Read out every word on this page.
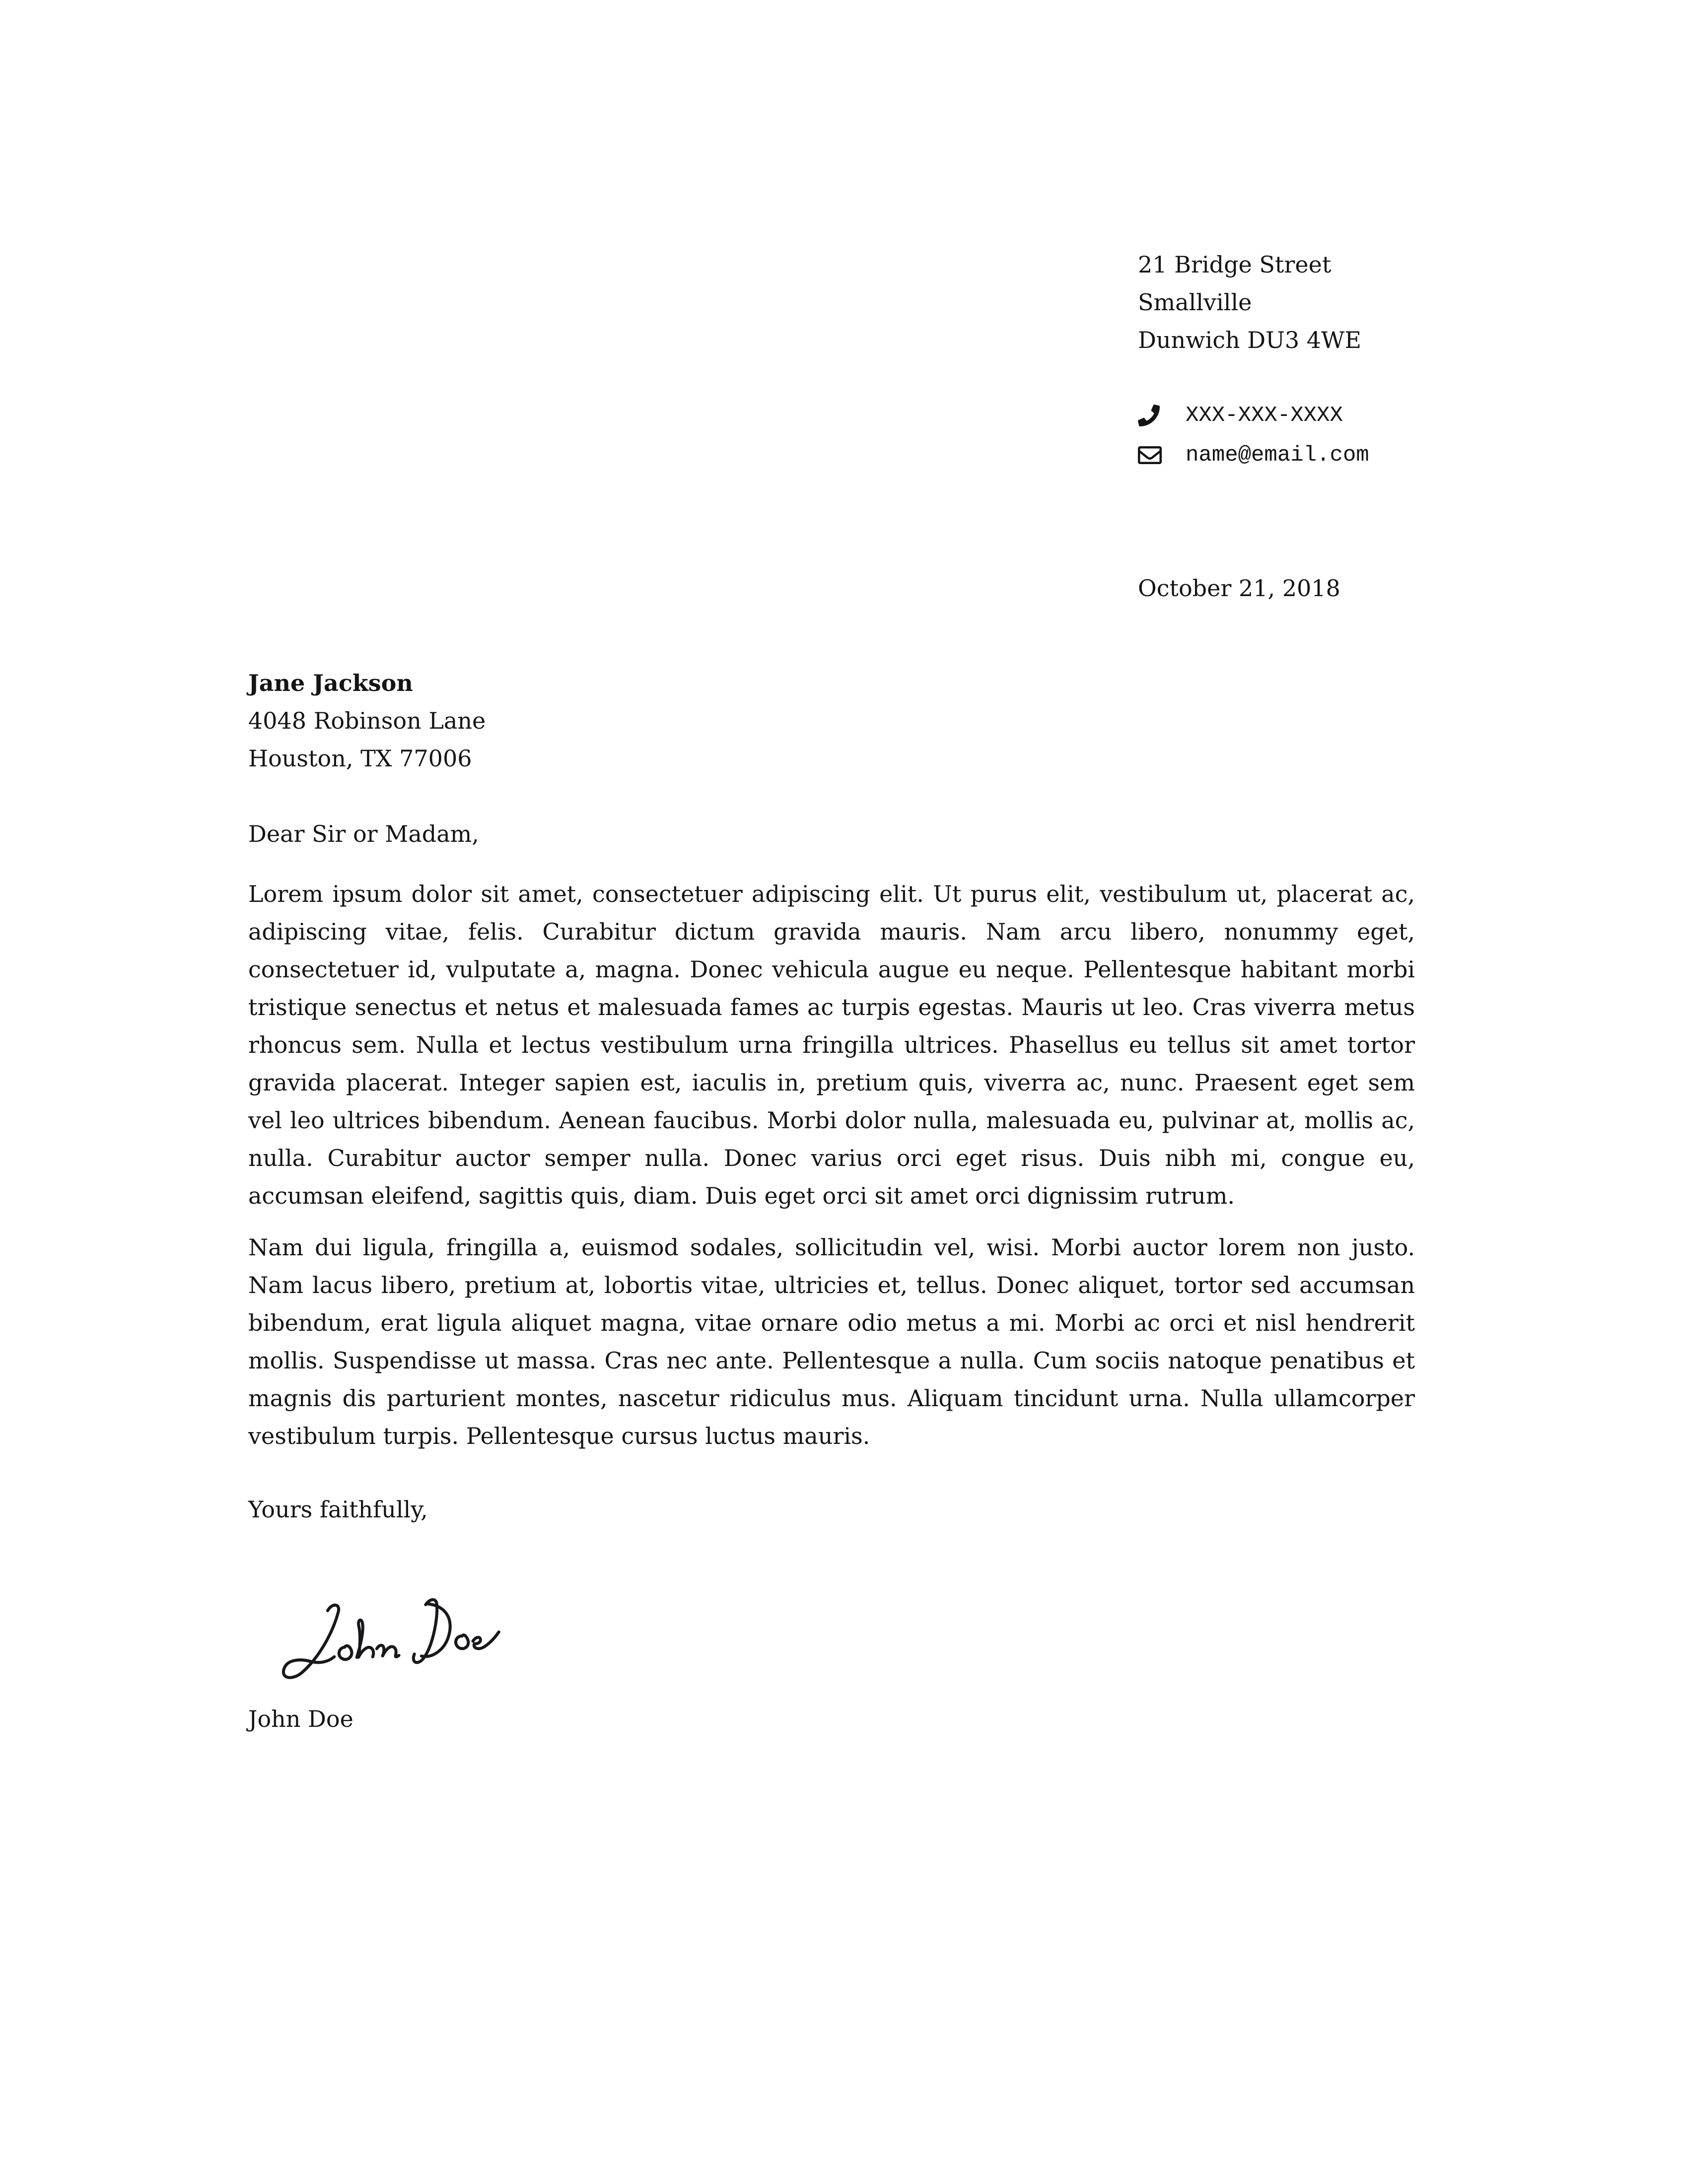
21 Bridge Street
Smallville
Dunwich DU3 4WE
XXX-XXX-XXXX
name@email.com
October 21, 2018
Jane Jackson
4048 Robinson Lane
Houston, TX 77006

Dear Sir or Madam,

Lorem ipsum dolor sit amet, consectetuer adipiscing elit. Ut purus elit, vestibulum ut, placerat ac, adipiscing vitae, felis. Curabitur dictum gravida mauris. Nam arcu libero, nonummy eget, consectetuer id, vulputate a, magna. Donec vehicula augue eu neque. Pellentesque habitant morbi tristique senectus et netus et malesuada fames ac turpis egestas. Mauris ut leo. Cras viverra metus rhoncus sem. Nulla et lectus vestibulum urna fringilla ultrices. Phasellus eu tellus sit amet tortor gravida placerat. Integer sapien est, iaculis in, pretium quis, viverra ac, nunc. Praesent eget sem vel leo ultrices bibendum. Aenean faucibus. Morbi dolor nulla, malesuada eu, pulvinar at, mollis ac, nulla. Curabitur auctor semper nulla. Donec varius orci eget risus. Duis nibh mi, congue eu, accumsan eleifend, sagittis quis, diam. Duis eget orci sit amet orci dignissim rutrum.

Nam dui ligula, fringilla a, euismod sodales, sollicitudin vel, wisi. Morbi auctor lorem non justo. Nam lacus libero, pretium at, lobortis vitae, ultricies et, tellus. Donec aliquet, tortor sed accumsan bibendum, erat ligula aliquet magna, vitae ornare odio metus a mi. Morbi ac orci et nisl hendrerit mollis. Suspendisse ut massa. Cras nec ante. Pellentesque a nulla. Cum sociis natoque penatibus et magnis dis parturient montes, nascetur ridiculus mus. Aliquam tincidunt urna. Nulla ullamcorper vestibulum turpis. Pellentesque cursus luctus mauris.

Yours faithfully,

John Doe
